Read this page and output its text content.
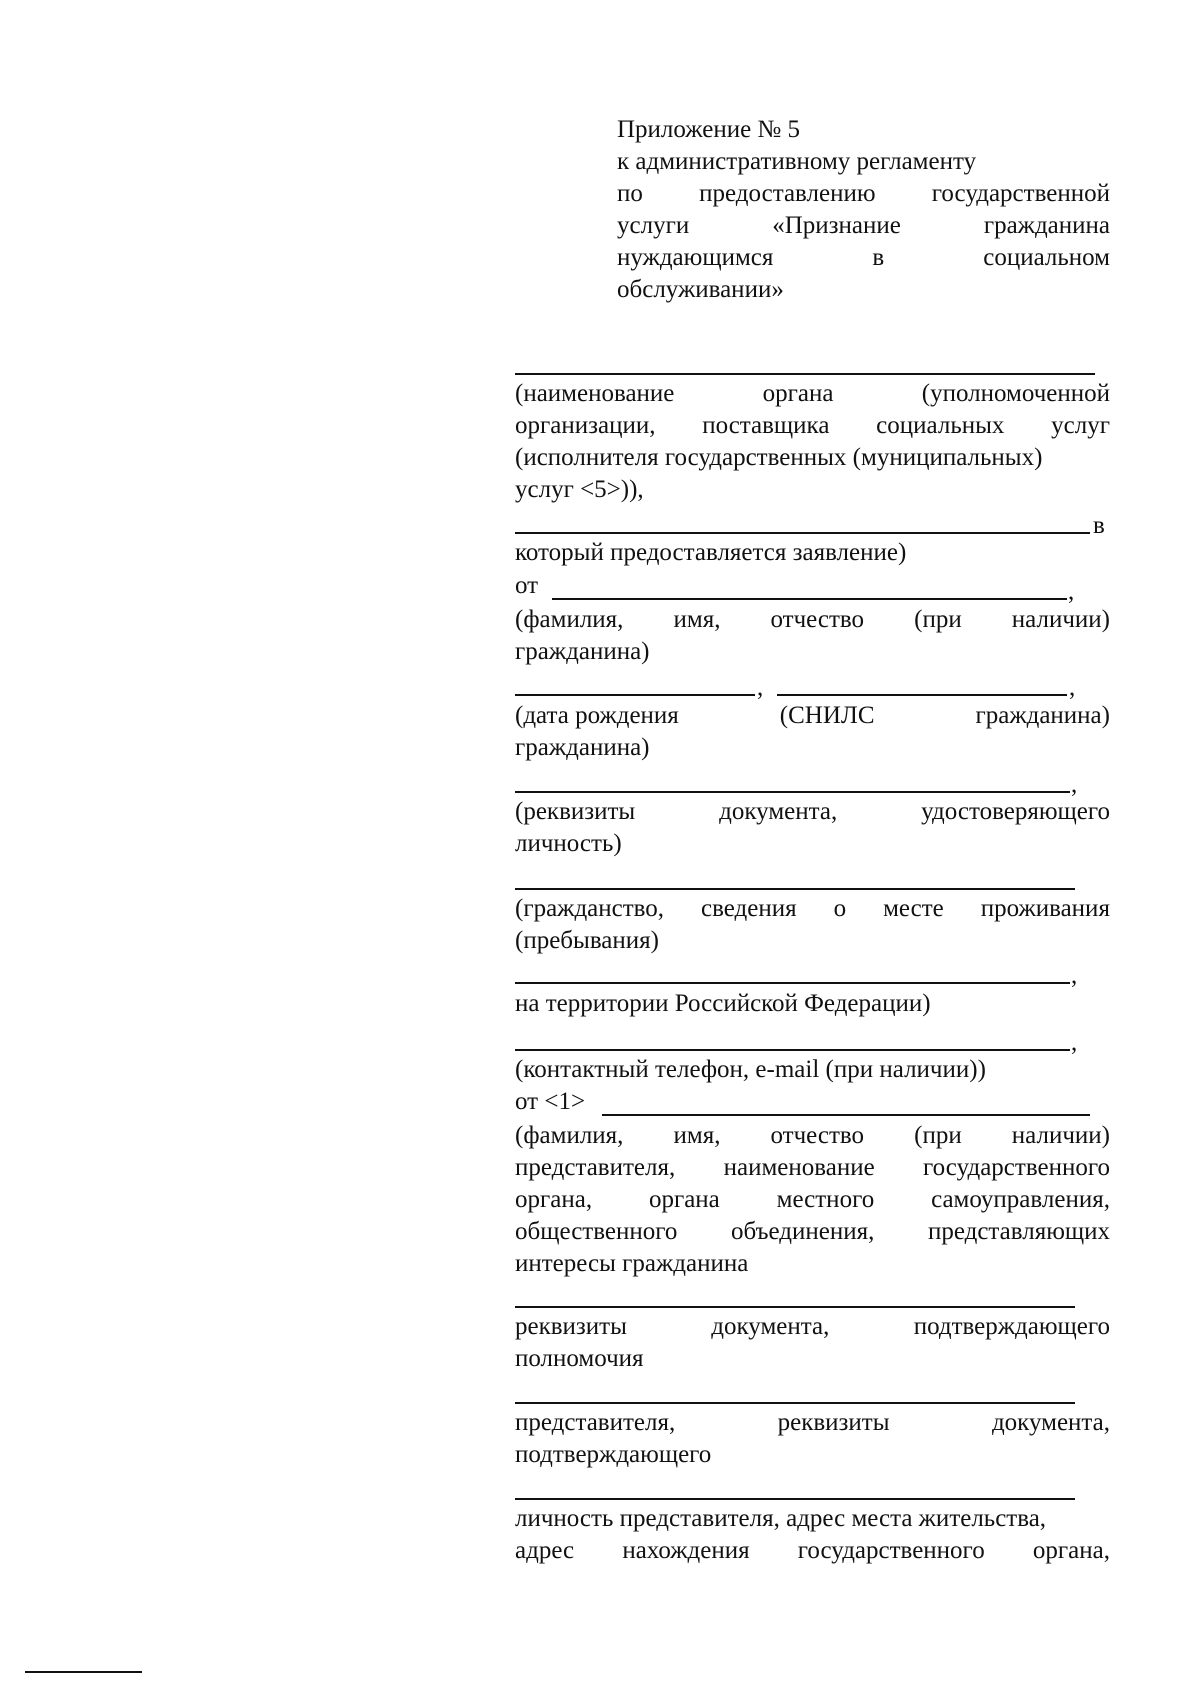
Приложение № 5
к административному регламенту
по предоставлению государственной
услуги	«Признание	гражданина
нуждающимся	в	социальном
обслуживании»
(наименование	органа	(уполномоченной
организации, поставщика социальных услуг
(исполнителя государственных (муниципальных)
услуг <5>)),
в
который предоставляется заявление)
от	,
(фамилия, имя, отчество (при наличии)
гражданина)
,	,
(дата рождения	(СНИЛС	гражданина)
гражданина)
,
(реквизиты	документа,	удостоверяющего
личность)
(гражданство, сведения о месте проживания
(пребывания)
,
на территории Российской Федерации)
,
(контактный телефон, e-mail (при наличии))
от <1>
(фамилия, имя, отчество (при наличии)
представителя, наименование государственного
органа, органа местного самоуправления,
общественного объединения, представляющих
интересы гражданина
реквизиты	документа,	подтверждающего
полномочия
представителя,	реквизиты	документа,
подтверждающего
личность представителя, адрес места жительства,
адрес нахождения государственного органа,
